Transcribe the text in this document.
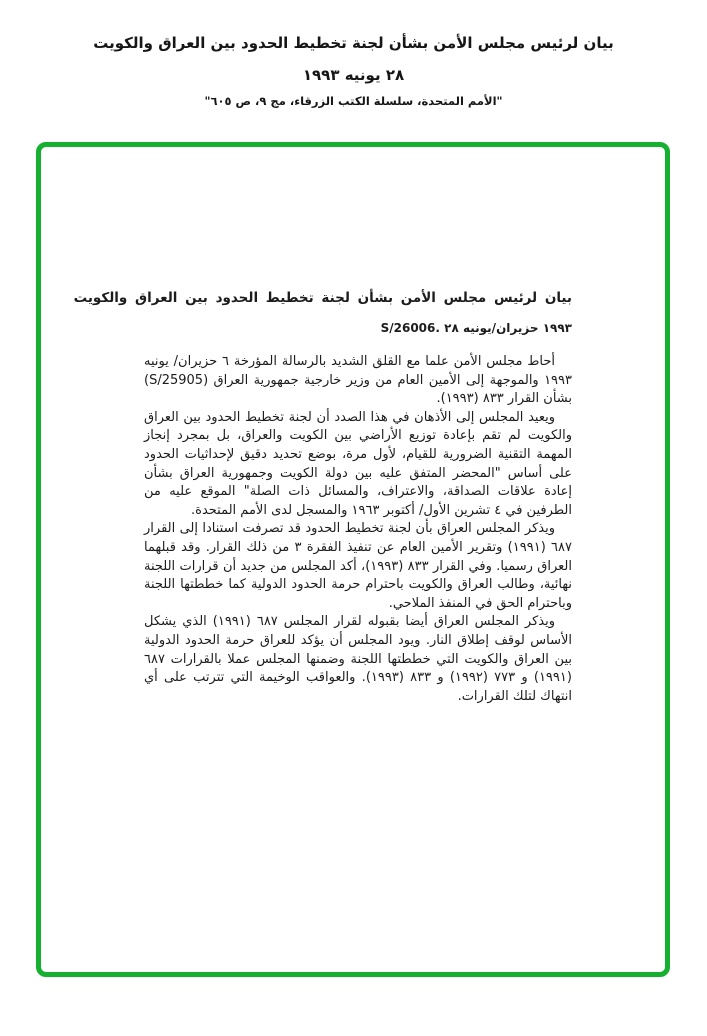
بيان لرئيس مجلس الأمن بشأن لجنة تخطيط الحدود بين العراق والكويت
٢٨ يونيه ١٩٩٣
"الأمم المتحدة، سلسلة الكتب الزرقاء، مج ٩، ص ٦٠٥"
بيان لرئيس مجلس الأمن بشأن لجنة تخطيط الحدود بين العراق والكويت
S/26006. ‎٢٨‎ حزيران/يونيه‎ ١٩٩٣

أحاط مجلس الأمن علما مع القلق الشديد بالرسالة المؤرخة ٦ حزيران/ يونيه ١٩٩٣ والموجهة إلى الأمين العام من وزير خارجية جمهورية العراق (S/25905) بشأن القرار ٨٣٣ (١٩٩٣).

ويعيد المجلس إلى الأذهان في هذا الصدد أن لجنة تخطيط الحدود بين العراق والكويت لم تقم بإعادة توزيع الأراضي بين الكويت والعراق، بل بمجرد إنجاز المهمة التقنية الضرورية للقيام، لأول مرة، بوضع تحديد دقيق لإحداثيات الحدود على أساس "المحضر المتفق عليه بين دولة الكويت وجمهورية العراق بشأن إعادة علاقات الصداقة، والاعتراف، والمسائل ذات الصلة" الموقع عليه من الطرفين في ٤ تشرين الأول/ أكتوبر ١٩٦٣ والمسجل لدى الأمم المتحدة.

ويذكر المجلس العراق بأن لجنة تخطيط الحدود قد تصرفت استنادا إلى القرار ٦٨٧ (١٩٩١) وتقرير الأمين العام عن تنفيذ الفقرة ٣ من ذلك القرار. وقد قبلهما العراق رسميا. وفي القرار ٨٣٣ (١٩٩٣)، أكد المجلس من جديد أن قرارات اللجنة نهائية، وطالب العراق والكويت باحترام حرمة الحدود الدولية كما خططتها اللجنة وباحترام الحق في المنفذ الملاحي.

ويذكر المجلس العراق أيضا بقبوله لقرار المجلس ٦٨٧ (١٩٩١) الذي يشكل الأساس لوقف إطلاق النار. ويود المجلس أن يؤكد للعراق حرمة الحدود الدولية بين العراق والكويت التي خططتها اللجنة وضمنها المجلس عملا بالقرارات ٦٨٧ (١٩٩١) و ٧٧٣ (١٩٩٢) و ٨٣٣ (١٩٩٣). والعواقب الوخيمة التي تترتب على أي انتهاك لتلك القرارات.
